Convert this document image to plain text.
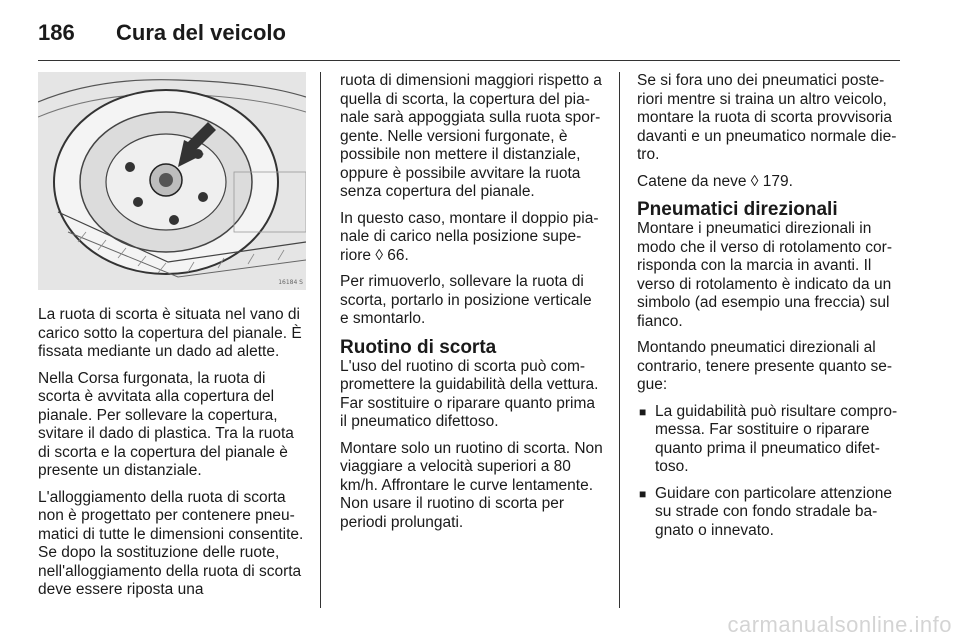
186 Cura del veicolo
16184 S

La ruota di scorta è situata nel vano di carico sotto la copertura del pianale. È fissata mediante un dado ad alette.

Nella Corsa furgonata, la ruota di scorta è avvitata alla copertura del pianale. Per sollevare la copertura, svitare il dado di plastica. Tra la ruota di scorta e la copertura del pianale è presente un distanziale.

L'alloggiamento della ruota di scorta non è progettato per contenere pneumatici di tutte le dimensioni consentite. Se dopo la sostituzione delle ruote, nell'alloggiamento della ruota di scorta deve essere riposta una

ruota di dimensioni maggiori rispetto a quella di scorta, la copertura del pianale sarà appoggiata sulla ruota sporgente. Nelle versioni furgonate, è possibile non mettere il distanziale, oppure è possibile avvitare la ruota senza copertura del pianale.

In questo caso, montare il doppio pianale di carico nella posizione superiore ◊ 66.

Per rimuoverlo, sollevare la ruota di scorta, portarlo in posizione verticale e smontarlo.

Ruotino di scorta

L'uso del ruotino di scorta può compromettere la guidabilità della vettura. Far sostituire o riparare quanto prima il pneumatico difettoso.

Montare solo un ruotino di scorta. Non viaggiare a velocità superiori a 80 km/h. Affrontare le curve lentamente. Non usare il ruotino di scorta per periodi prolungati.

Se si fora uno dei pneumatici posteriori mentre si traina un altro veicolo, montare la ruota di scorta provvisoria davanti e un pneumatico normale dietro.

Catene da neve ◊ 179.

Pneumatici direzionali

Montare i pneumatici direzionali in modo che il verso di rotolamento corrisponda con la marcia in avanti. Il verso di rotolamento è indicato da un simbolo (ad esempio una freccia) sul fianco.

Montando pneumatici direzionali al contrario, tenere presente quanto segue:

■ La guidabilità può risultare compromessa. Far sostituire o riparare quanto prima il pneumatico difettoso.
■ Guidare con particolare attenzione su strade con fondo stradale bagnato o innevato.
carmanualsonline.info
